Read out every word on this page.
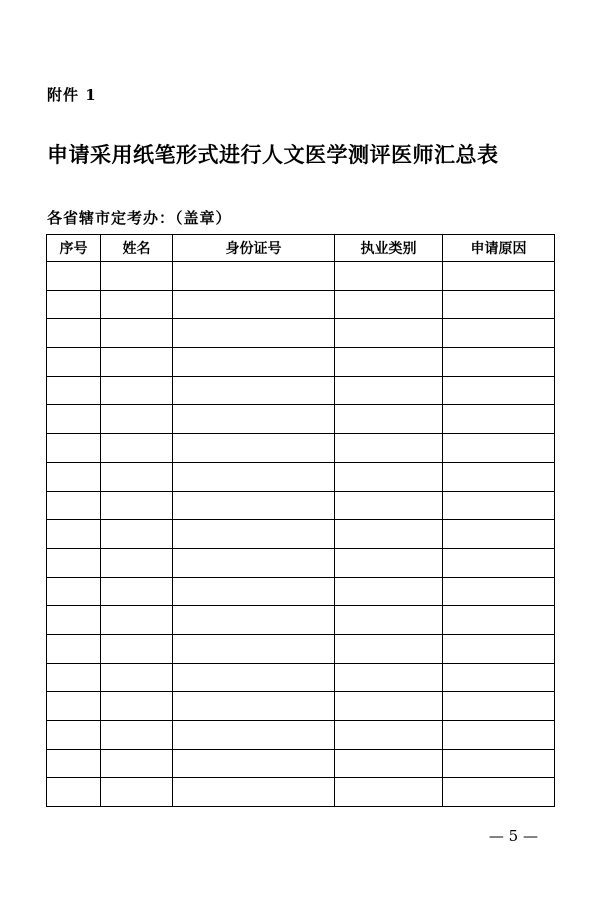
附件 1
申请采用纸笔形式进行人文医学测评医师汇总表
各省辖市定考办：（盖章）
序号	姓名	身份证号	执业类别	申请原因

— 5 —
